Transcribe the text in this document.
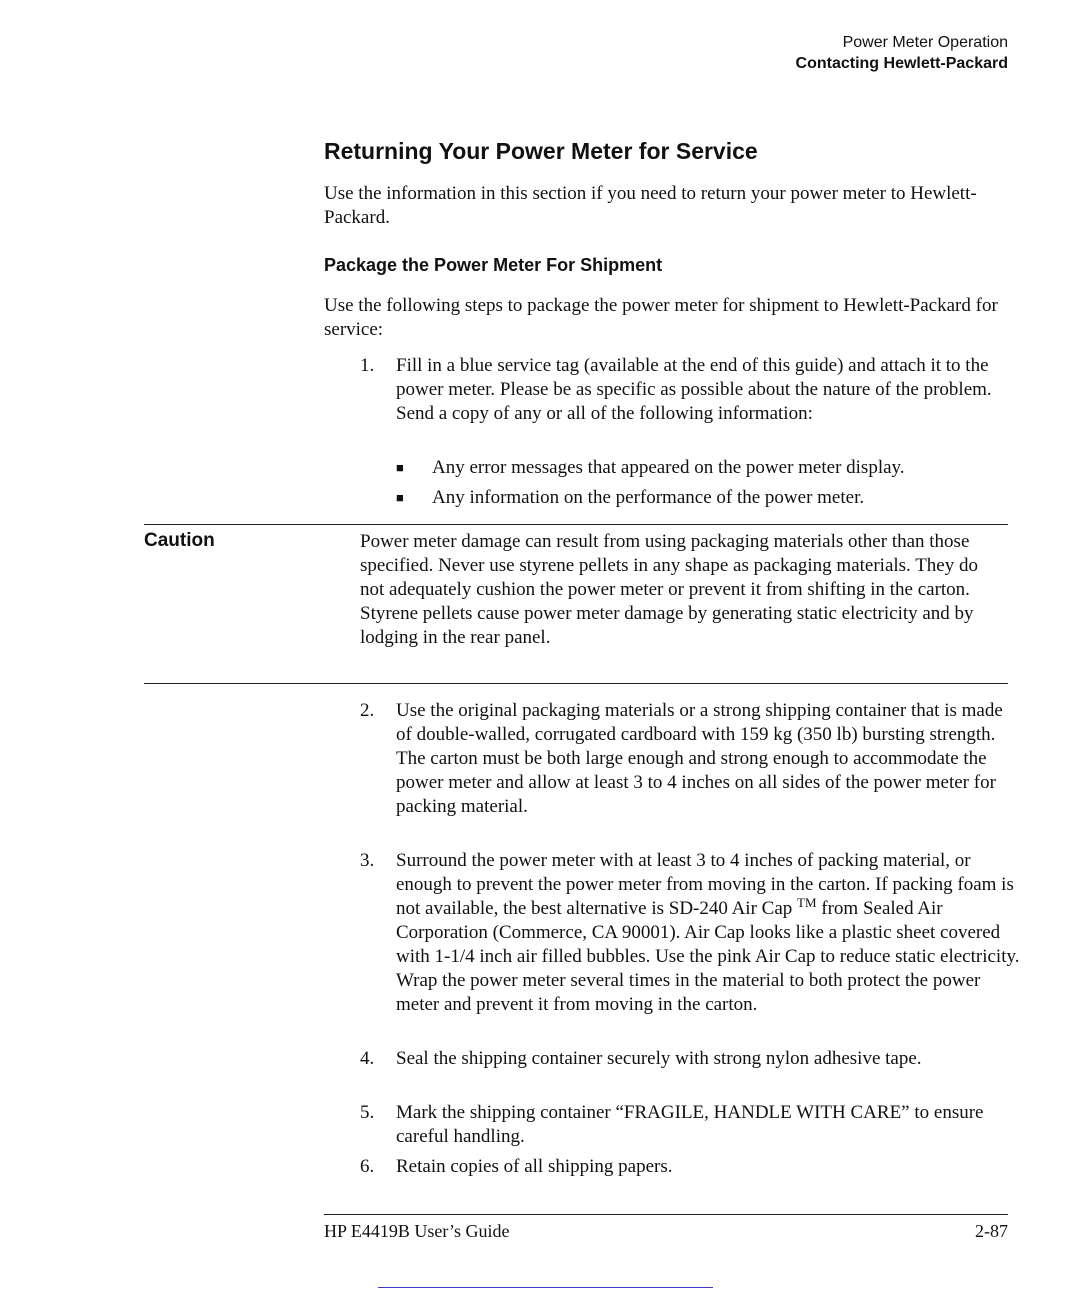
Power Meter Operation
Contacting Hewlett-Packard
Returning Your Power Meter for Service
Use the information in this section if you need to return your power meter to Hewlett-Packard.
Package the Power Meter For Shipment
Use the following steps to package the power meter for shipment to Hewlett-Packard for service:
1. Fill in a blue service tag (available at the end of this guide) and attach it to the power meter. Please be as specific as possible about the nature of the problem. Send a copy of any or all of the following information:
■ Any error messages that appeared on the power meter display.
■ Any information on the performance of the power meter.
Caution	Power meter damage can result from using packaging materials other than those specified. Never use styrene pellets in any shape as packaging materials. They do not adequately cushion the power meter or prevent it from shifting in the carton. Styrene pellets cause power meter damage by generating static electricity and by lodging in the rear panel.
2. Use the original packaging materials or a strong shipping container that is made of double-walled, corrugated cardboard with 159 kg (350 lb) bursting strength. The carton must be both large enough and strong enough to accommodate the power meter and allow at least 3 to 4 inches on all sides of the power meter for packing material.
3. Surround the power meter with at least 3 to 4 inches of packing material, or enough to prevent the power meter from moving in the carton. If packing foam is not available, the best alternative is SD-240 Air Cap ™ from Sealed Air Corporation (Commerce, CA 90001). Air Cap looks like a plastic sheet covered with 1-1/4 inch air filled bubbles. Use the pink Air Cap to reduce static electricity. Wrap the power meter several times in the material to both protect the power meter and prevent it from moving in the carton.
4. Seal the shipping container securely with strong nylon adhesive tape.
5. Mark the shipping container “FRAGILE, HANDLE WITH CARE” to ensure careful handling.
6. Retain copies of all shipping papers.
HP E4419B User’s Guide	2-87
